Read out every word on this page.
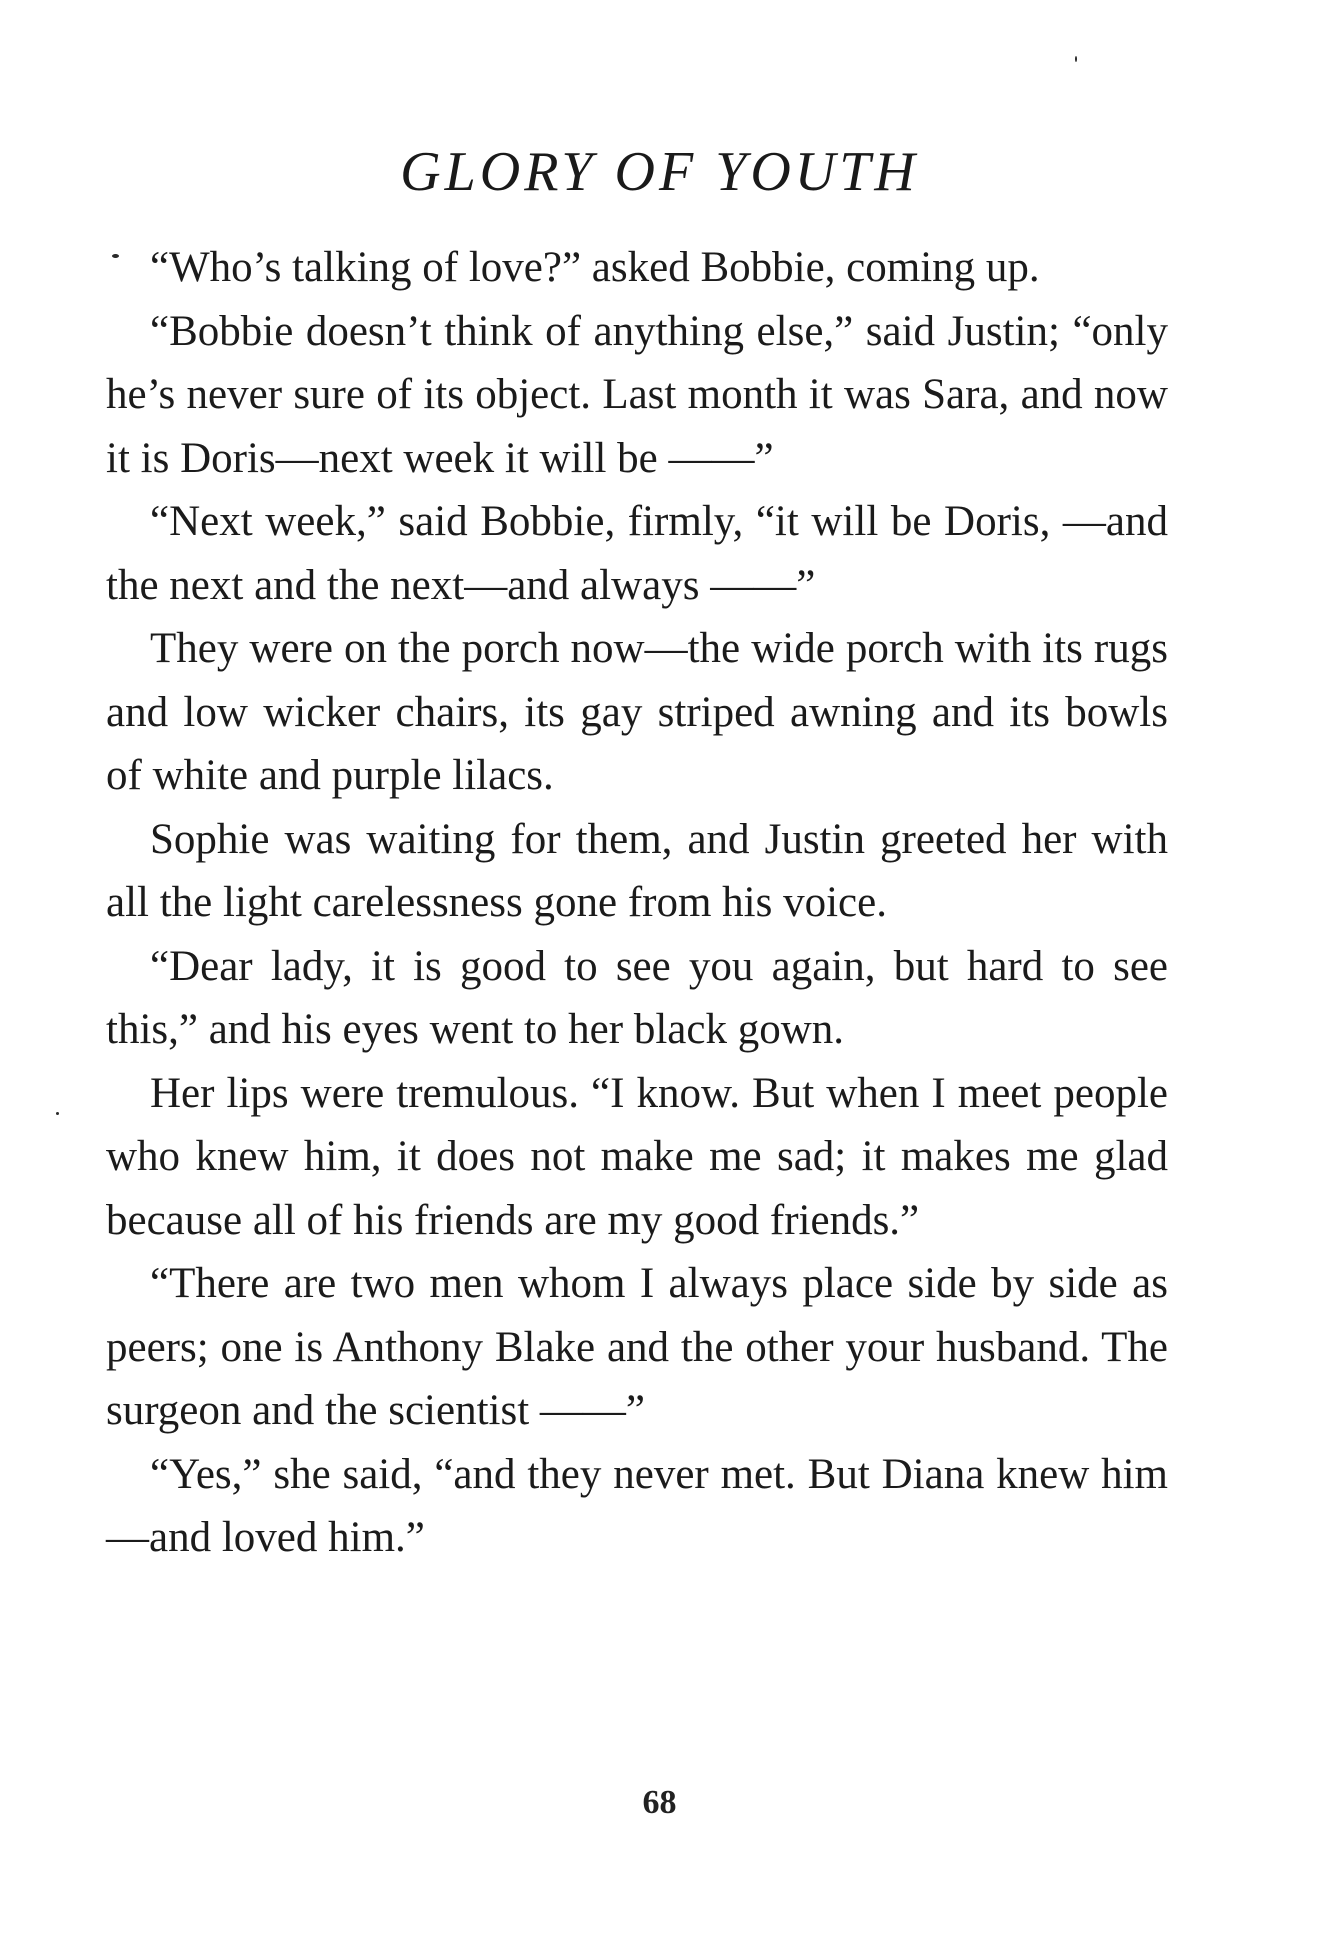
GLORY OF YOUTH

“Who’s talking of love?” asked Bobbie, coming up.

“Bobbie doesn’t think of anything else,” said Justin; “only he’s never sure of its object. Last month it was Sara, and now it is Doris—next week it will be ——”

“Next week,” said Bobbie, firmly, “it will be Doris, —and the next and the next—and always ——”

They were on the porch now—the wide porch with its rugs and low wicker chairs, its gay striped awning and its bowls of white and purple lilacs.

Sophie was waiting for them, and Justin greeted her with all the light carelessness gone from his voice.

“Dear lady, it is good to see you again, but hard to see this,” and his eyes went to her black gown.

Her lips were tremulous. “I know. But when I meet people who knew him, it does not make me sad; it makes me glad because all of his friends are my good friends.”

“There are two men whom I always place side by side as peers; one is Anthony Blake and the other your husband. The surgeon and the scientist ——”

“Yes,” she said, “and they never met. But Diana knew him—and loved him.”

68
